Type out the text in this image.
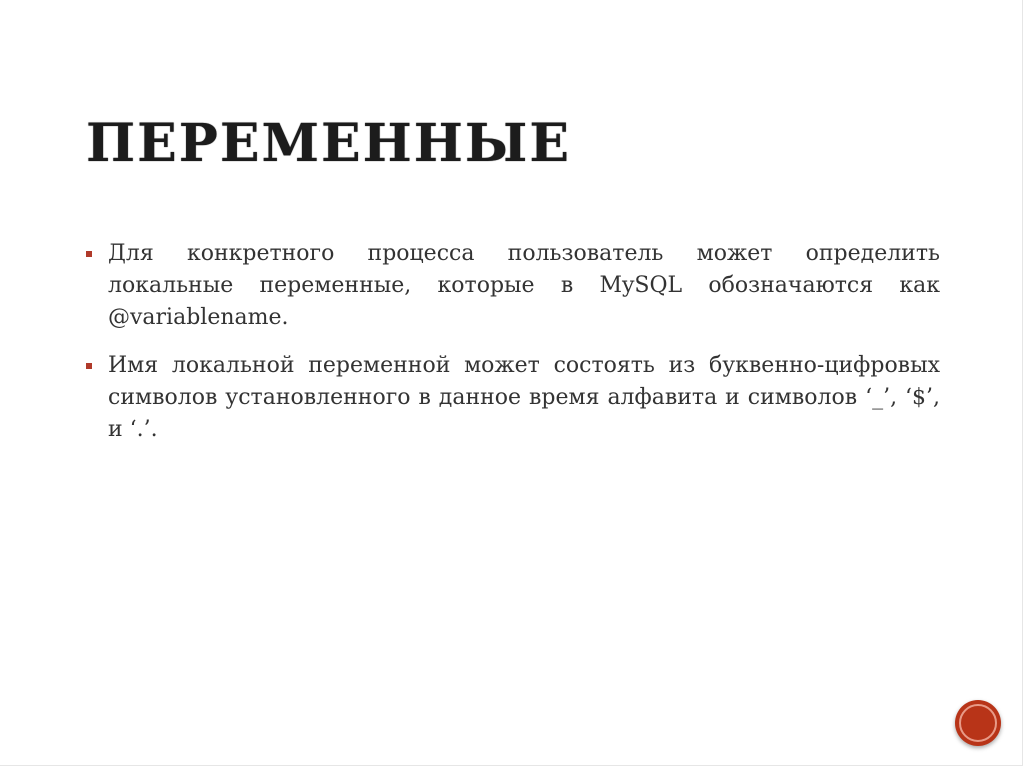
ПЕРЕМЕННЫЕ
Для конкретного процесса пользователь может определить локальные переменные, которые в MySQL обозначаются как @variablename.
Имя локальной переменной может состоять из буквенно-цифровых символов установленного в данное время алфавита и символов ‘_’, ‘$’, и ‘.’.
